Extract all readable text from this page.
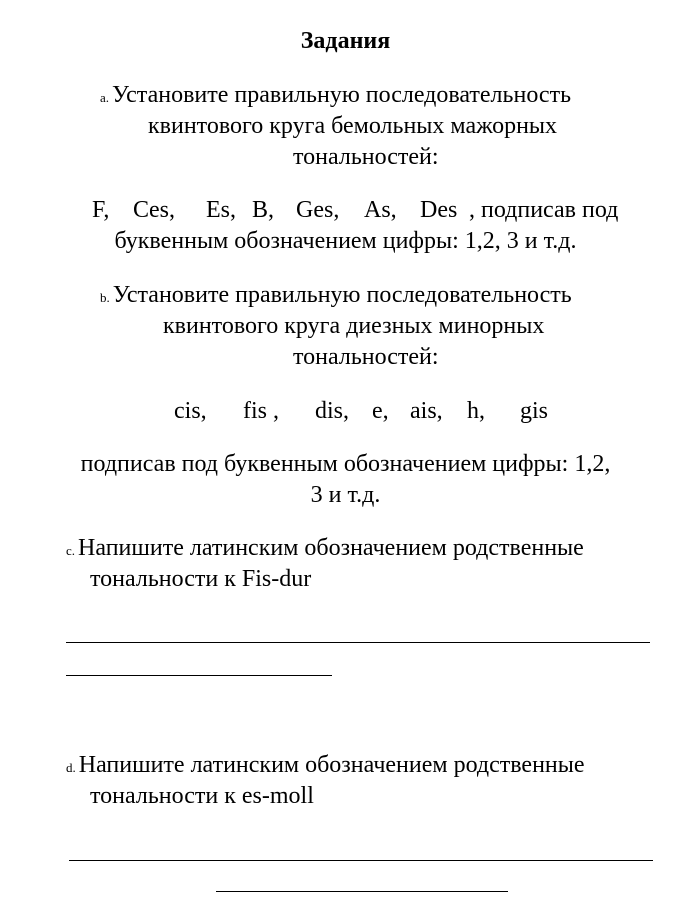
Задания
a. Установите правильную последовательность
квинтового круга бемольных мажорных
тональностей:
F, Ces, Es, B, Ges, As, Des , подписав под
буквенным обозначением цифры: 1,2, 3 и т.д.
b. Установите правильную последовательность
квинтового круга диезных минорных
тональностей:
cis, fis , dis, e, ais, h, gis
подписав под буквенным обозначением цифры: 1,2,
3 и т.д.
c. Напишите латинским обозначением родственные
тональности к Fis-dur
d. Напишите латинским обозначением родственные
тональности к es-moll
